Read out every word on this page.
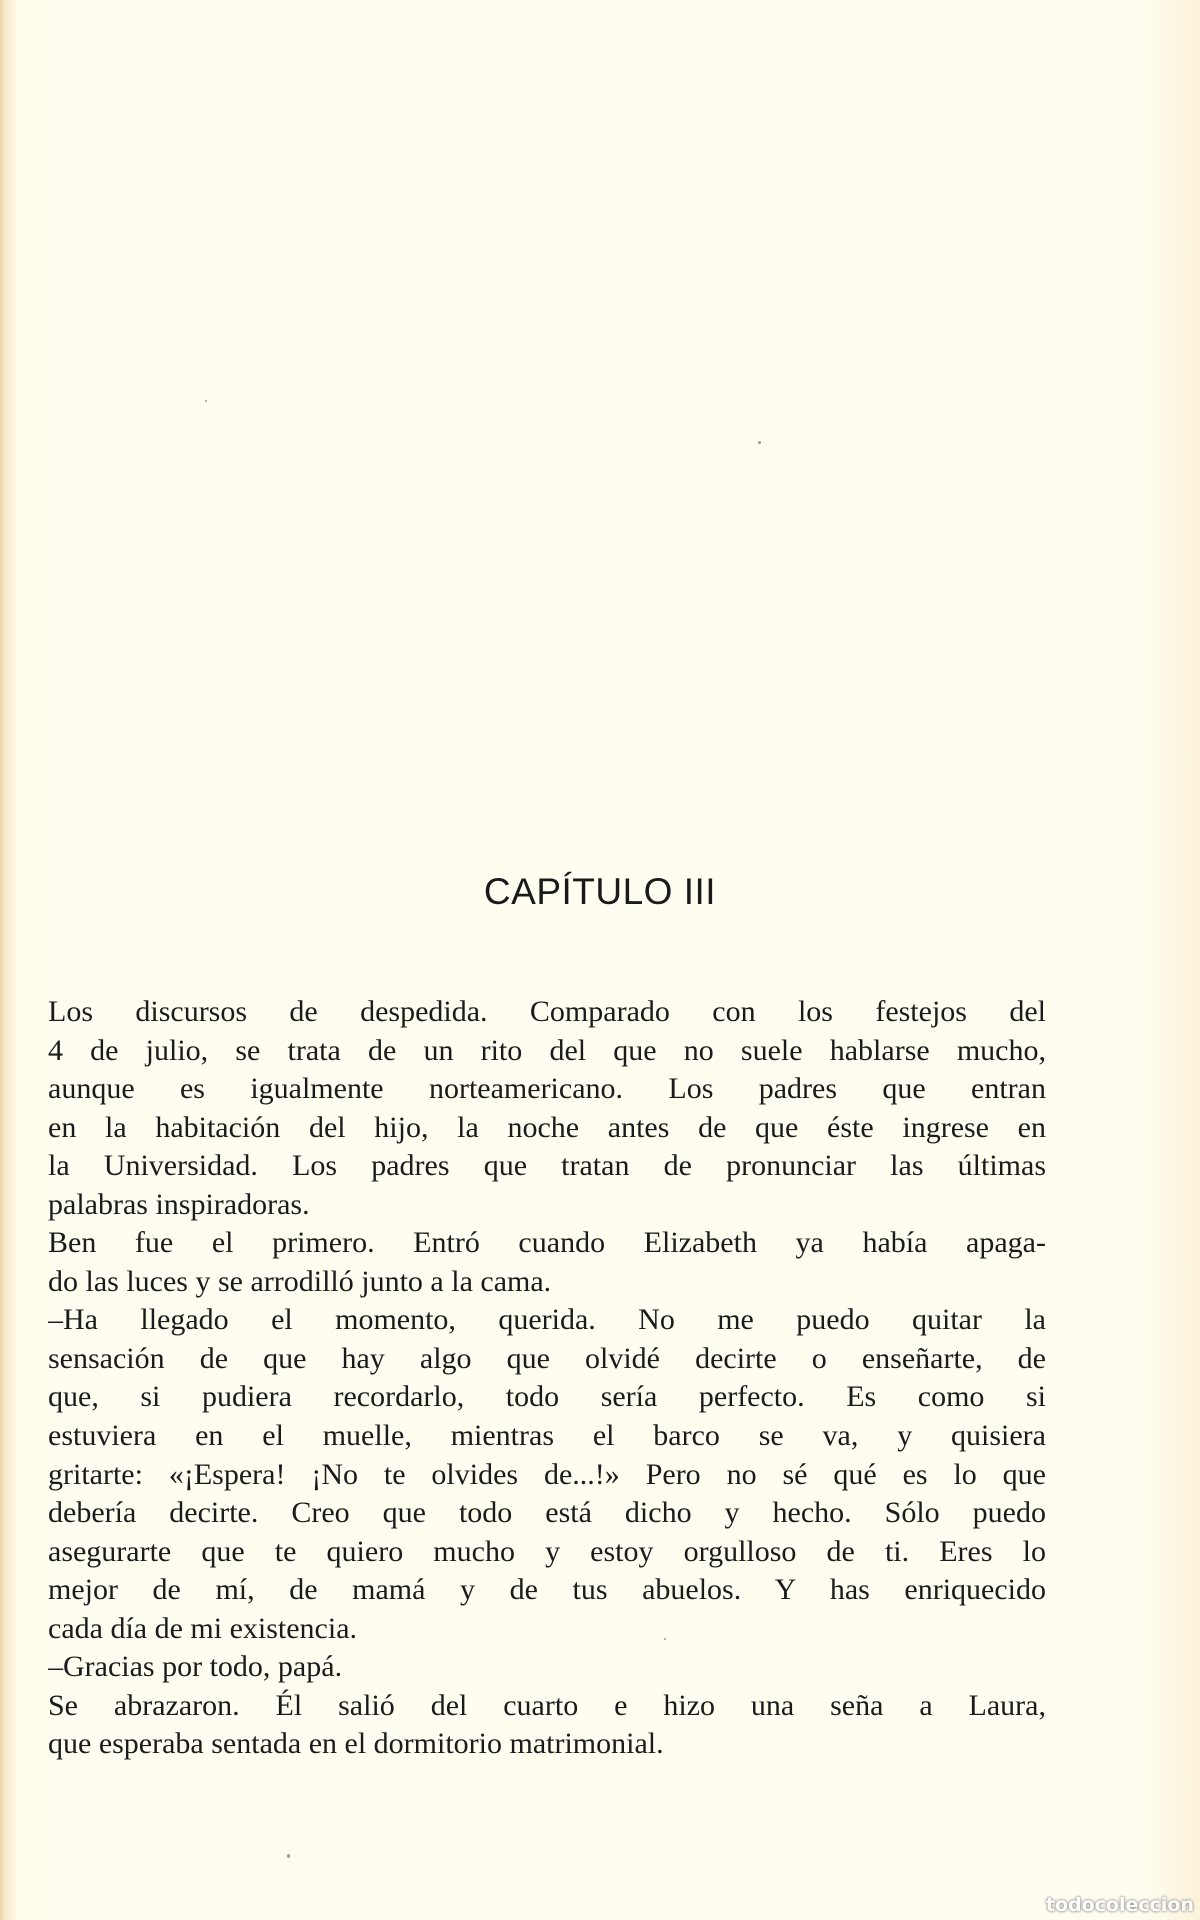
CAPÍTULO III
Los discursos de despedida. Comparado con los festejos del
4 de julio, se trata de un rito del que no suele hablarse mucho,
aunque es igualmente norteamericano. Los padres que entran
en la habitación del hijo, la noche antes de que éste ingrese en
la Universidad. Los padres que tratan de pronunciar las últimas
palabras inspiradoras.
Ben fue el primero. Entró cuando Elizabeth ya había apaga-
do las luces y se arrodilló junto a la cama.
–Ha llegado el momento, querida. No me puedo quitar la
sensación de que hay algo que olvidé decirte o enseñarte, de
que, si pudiera recordarlo, todo sería perfecto. Es como si
estuviera en el muelle, mientras el barco se va, y quisiera
gritarte: «¡Espera! ¡No te olvides de...!» Pero no sé qué es lo que
debería decirte. Creo que todo está dicho y hecho. Sólo puedo
asegurarte que te quiero mucho y estoy orgulloso de ti. Eres lo
mejor de mí, de mamá y de tus abuelos. Y has enriquecido
cada día de mi existencia.
–Gracias por todo, papá.
Se abrazaron. Él salió del cuarto e hizo una seña a Laura,
que esperaba sentada en el dormitorio matrimonial.
todocoleccion
